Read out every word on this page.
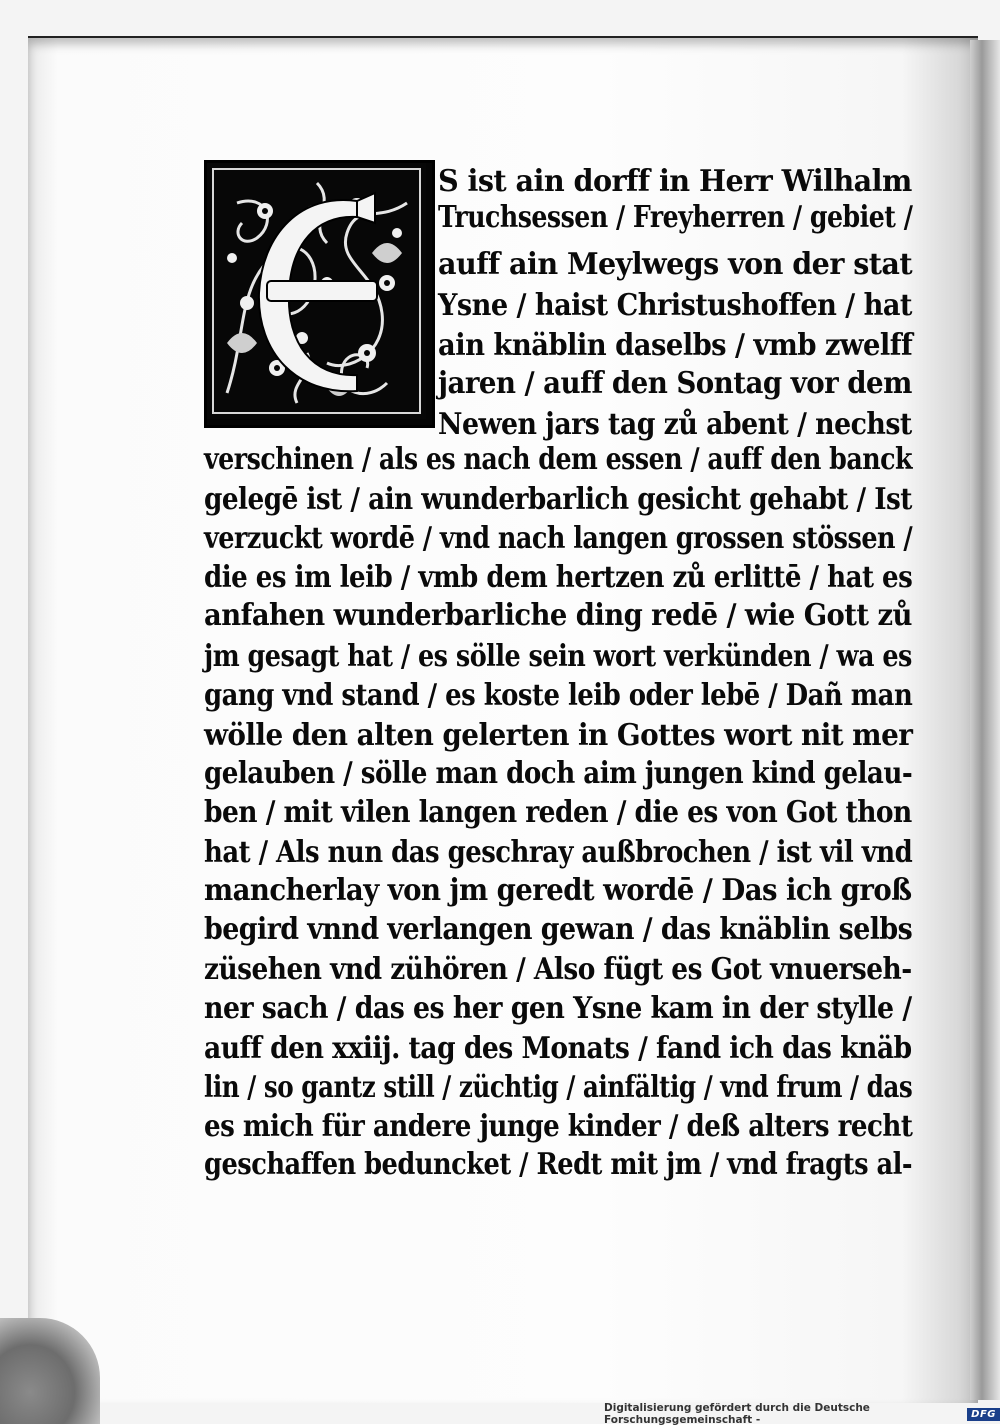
S ist ain dorff in Herr Wilhalm
Truchsessen / Freyherren / gebiet /
auff ain Meylwegs von der stat
Ysne / haist Christushoffen / hat
ain knäblin daselbs / vmb zwelff
jaren / auff den Sontag vor dem
Newen jars tag zů abent / nechst
verschinen / als es nach dem essen / auff den banck
gelegē ist / ain wunderbarlich gesicht gehabt / Ist
verzuckt wordē / vnd nach langen grossen stössen /
die es im leib / vmb dem hertzen zů erlittē / hat es
anfahen wunderbarliche ding redē / wie Gott zů
jm gesagt hat / es sölle sein wort verkünden / wa es
gang vnd stand / es koste leib oder lebē / Dañ man
wölle den alten gelerten in Gottes wort nit mer
gelauben / sölle man doch aim jungen kind gelau-
ben / mit vilen langen reden / die es von Got thon
hat / Als nun das geschray außbrochen / ist vil vnd
mancherlay von jm geredt wordē / Das ich groß
begird vnnd verlangen gewan / das knäblin selbs
züsehen vnd zühören / Also fügt es Got vnuerseh-
ner sach / das es her gen Ysne kam in der stylle /
auff den xxiij. tag des Monats / fand ich das knäb
lin / so gantz still / züchtig / ainfältig / vnd frum / das
es mich für andere junge kinder / deß alters recht
geschaffen beduncket / Redt mit jm / vnd fragts al-
Digitalisierung gefördert durch die Deutsche Forschungsgemeinschaft -	DFG
